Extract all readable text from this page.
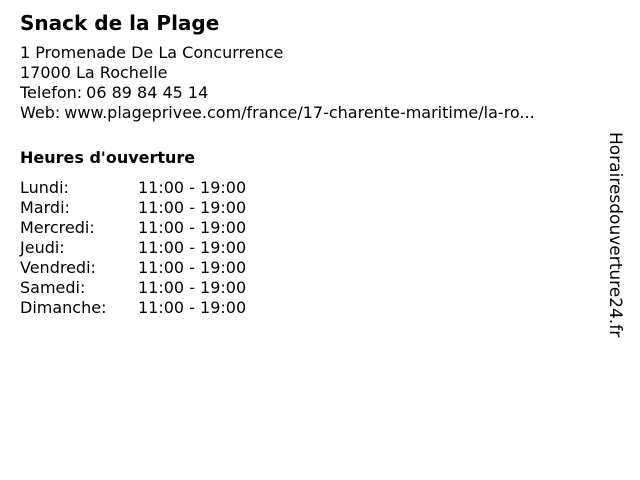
Snack de la Plage
1 Promenade De La Concurrence
17000 La Rochelle
Telefon: 06 89 84 45 14
Web: www.plageprivee.com/france/17-charente-maritime/la-ro...
Heures d'ouverture
Lundi:	11:00 - 19:00
Mardi:	11:00 - 19:00
Mercredi:	11:00 - 19:00
Jeudi:	11:00 - 19:00
Vendredi:	11:00 - 19:00
Samedi:	11:00 - 19:00
Dimanche:	11:00 - 19:00	Horairesdouverture24.fr
